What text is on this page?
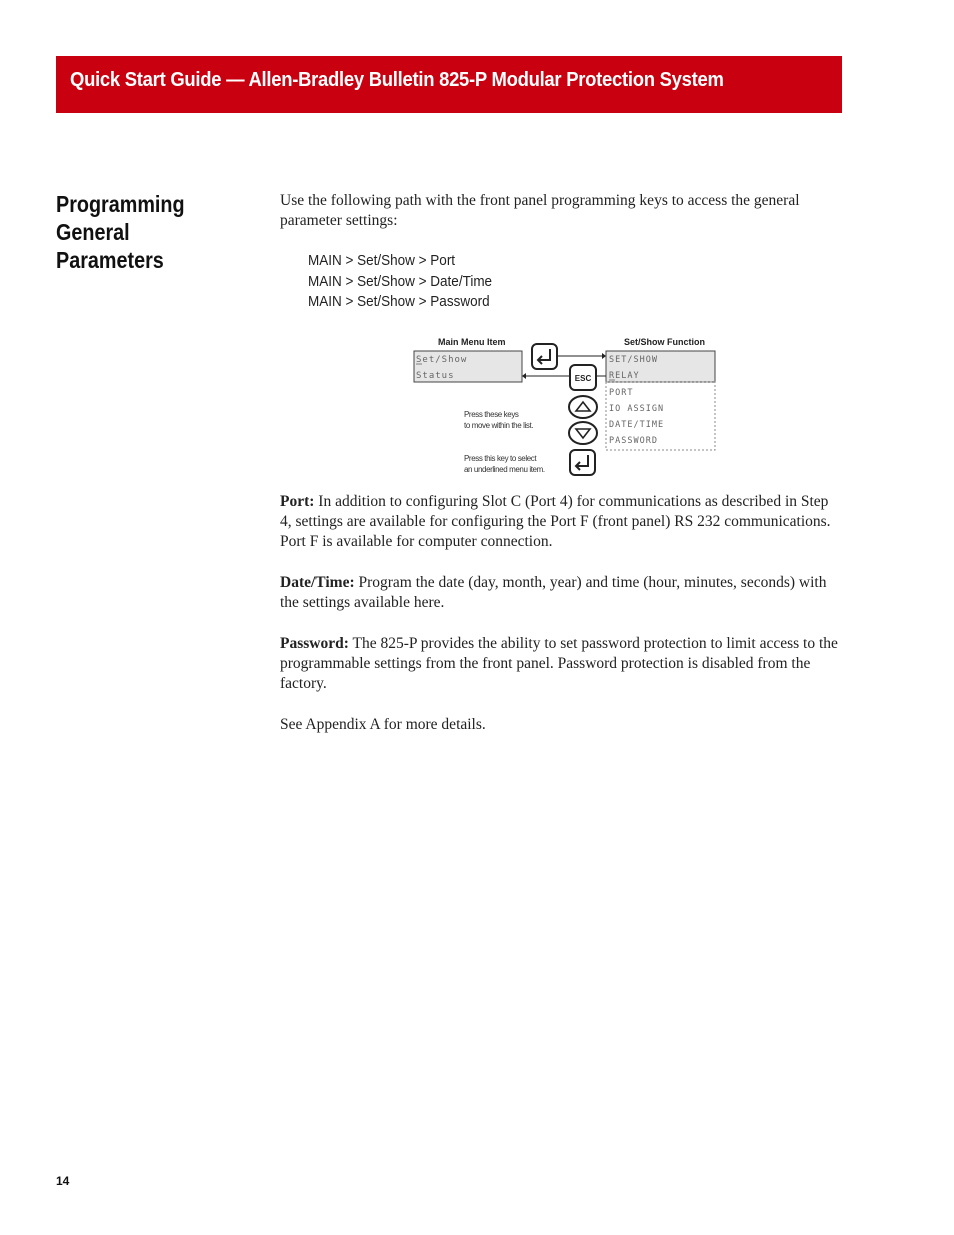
Quick Start Guide — Allen-Bradley Bulletin 825-P Modular Protection System
Programming
General
Parameters
Use the following path with the front panel programming keys to access the general parameter settings:
MAIN > Set/Show > Port
MAIN > Set/Show > Date/Time
MAIN > Set/Show > Password
Main Menu Item
Set/Show
Status
Set/Show Function
SET/SHOW
RELAY
PORT
IO ASSIGN
DATE/TIME
PASSWORD
ESC
Press these keys
to move within the list.
Press this key to select
an underlined menu item.
Port: In addition to configuring Slot C (Port 4) for communications as described in Step 4, settings are available for configuring the Port F (front panel) RS 232 communications. Port F is available for computer connection.
Date/Time: Program the date (day, month, year) and time (hour, minutes, seconds) with the settings available here.
Password: The 825-P provides the ability to set password protection to limit access to the programmable settings from the front panel. Password protection is disabled from the factory.
See Appendix A for more details.
14
